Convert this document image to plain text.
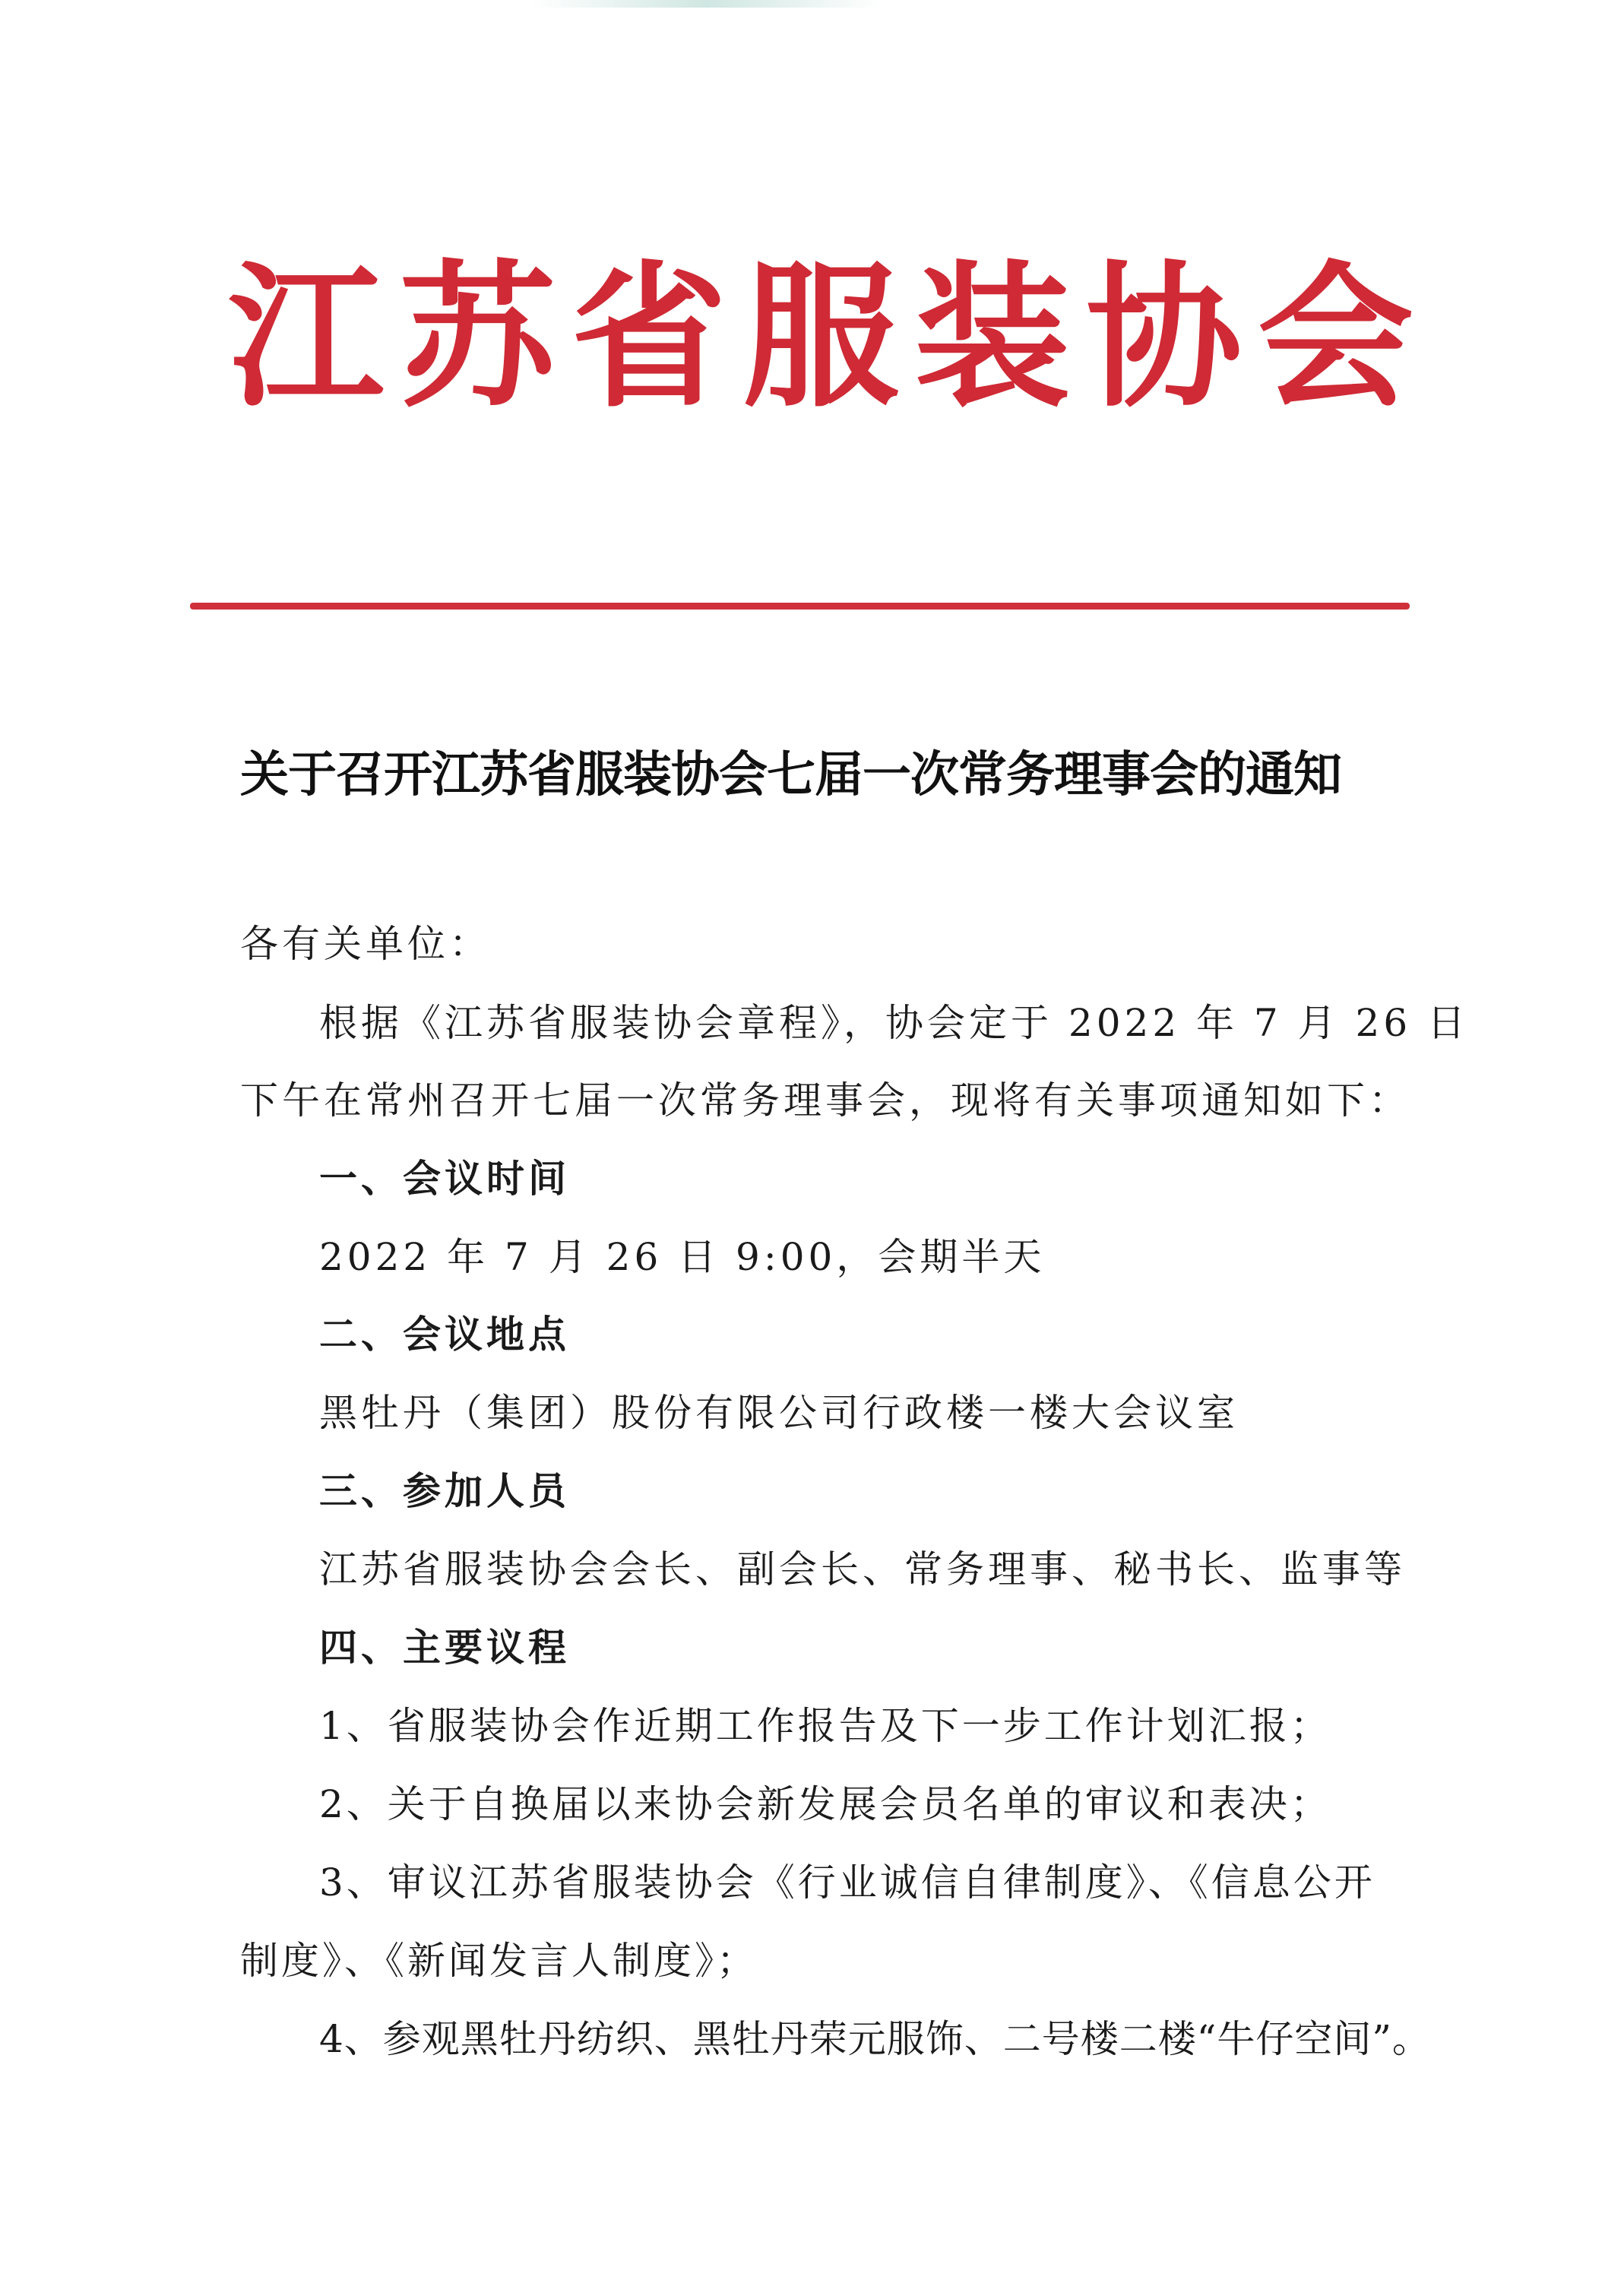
江 苏 省 服 装 协 会
关于召开江苏省服装协会七届一次常务理事会的通知

各有关单位：

根据《江苏省服装协会章程》，协会定于 2022 年 7 月 26 日

下午在常州召开七届一次常务理事会，现将有关事项通知如下：

一、会议时间

2022 年 7 月 26 日 9:00，会期半天

二、会议地点

黑牡丹（集团）股份有限公司行政楼一楼大会议室

三、参加人员

江苏省服装协会会长、副会长、常务理事、秘书长、监事等

四、主要议程

1、省服装协会作近期工作报告及下一步工作计划汇报；

2、关于自换届以来协会新发展会员名单的审议和表决；

3、审议江苏省服装协会《行业诚信自律制度》、《信息公开

制度》、《新闻发言人制度》；

4、参观黑牡丹纺织、黑牡丹荣元服饰、二号楼二楼“牛仔空间”。
